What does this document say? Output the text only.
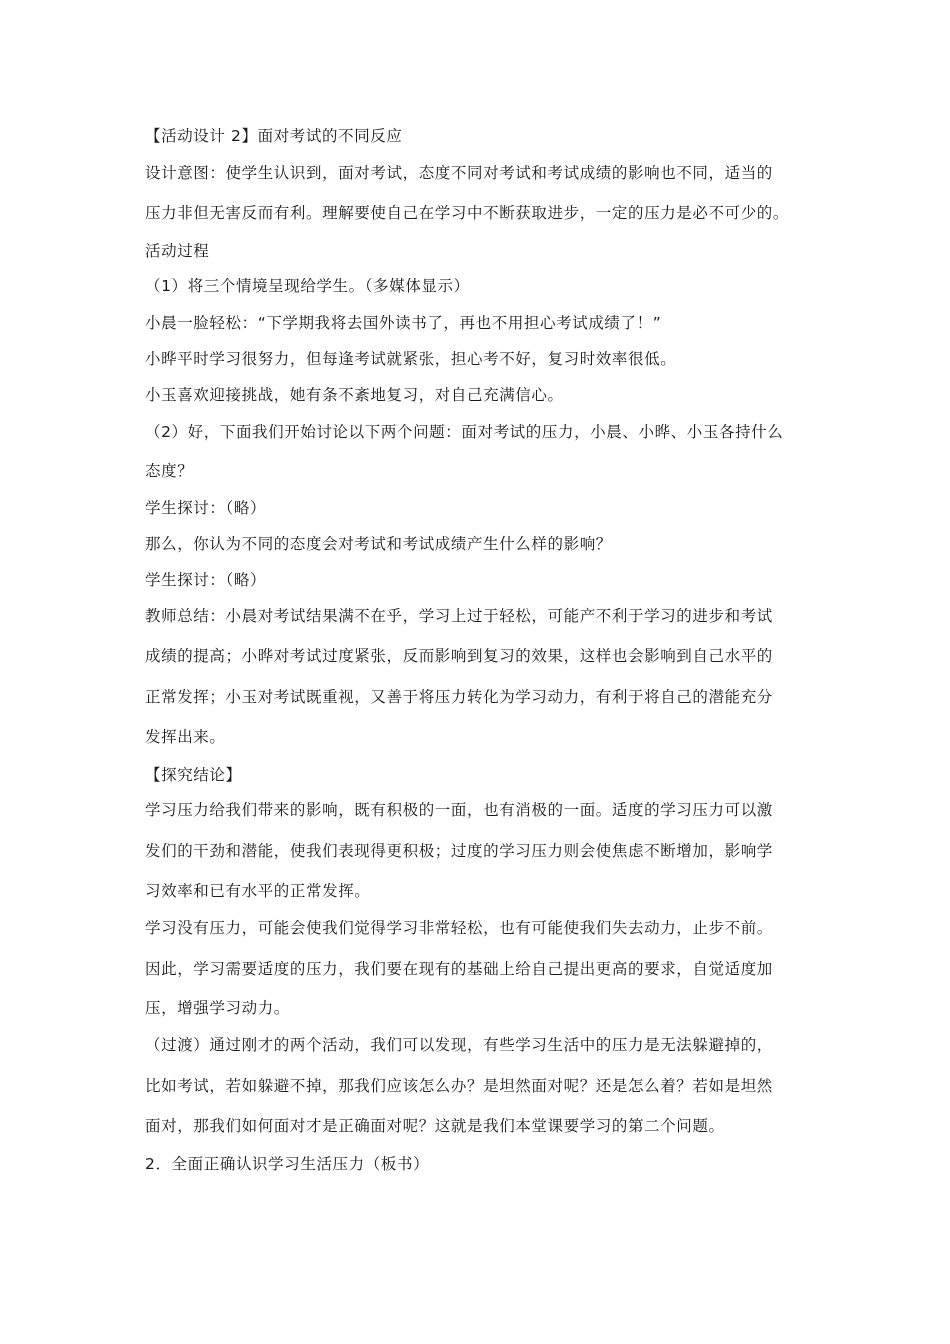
【活动设计 2】面对考试的不同反应
设计意图：使学生认识到，面对考试，态度不同对考试和考试成绩的影响也不同，适当的
压力非但无害反而有利。理解要使自己在学习中不断获取进步，一定的压力是必不可少的。
活动过程
（1）将三个情境呈现给学生。（多媒体显示）
小晨一脸轻松：“下学期我将去国外读书了，再也不用担心考试成绩了！”
小晔平时学习很努力，但每逢考试就紧张，担心考不好，复习时效率很低。
小玉喜欢迎接挑战，她有条不紊地复习，对自己充满信心。
（2）好，下面我们开始讨论以下两个问题：面对考试的压力，小晨、小晔、小玉各持什么
态度？
学生探讨：（略）
那么，你认为不同的态度会对考试和考试成绩产生什么样的影响？
学生探讨：（略）
教师总结：小晨对考试结果满不在乎，学习上过于轻松，可能产不利于学习的进步和考试
成绩的提高；小晔对考试过度紧张，反而影响到复习的效果，这样也会影响到自己水平的
正常发挥；小玉对考试既重视，又善于将压力转化为学习动力，有利于将自己的潜能充分
发挥出来。
【探究结论】
学习压力给我们带来的影响，既有积极的一面，也有消极的一面。适度的学习压力可以激
发们的干劲和潜能，使我们表现得更积极；过度的学习压力则会使焦虑不断增加，影响学
习效率和已有水平的正常发挥。
学习没有压力，可能会使我们觉得学习非常轻松，也有可能使我们失去动力，止步不前。
因此，学习需要适度的压力，我们要在现有的基础上给自己提出更高的要求，自觉适度加
压，增强学习动力。
（过渡）通过刚才的两个活动，我们可以发现，有些学习生活中的压力是无法躲避掉的，
比如考试，若如躲避不掉，那我们应该怎么办？是坦然面对呢？还是怎么着？若如是坦然
面对，那我们如何面对才是正确面对呢？这就是我们本堂课要学习的第二个问题。
2．全面正确认识学习生活压力（板书）
